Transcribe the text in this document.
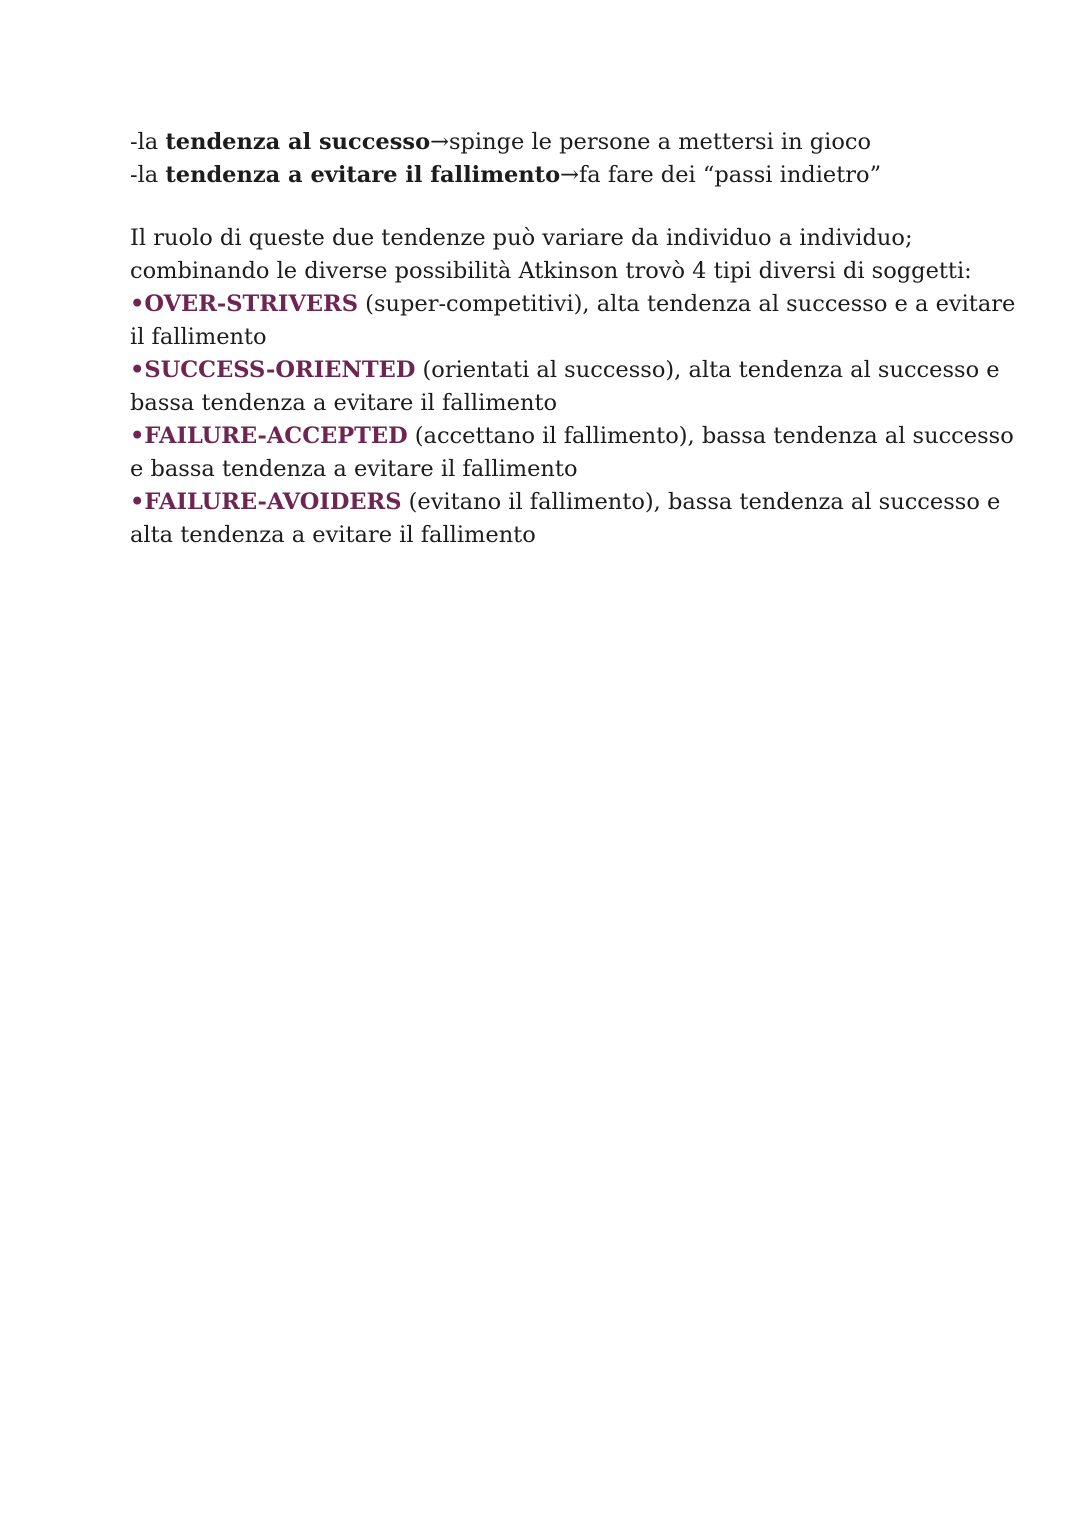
-la tendenza al successo→spinge le persone a mettersi in gioco
-la tendenza a evitare il fallimento→fa fare dei “passi indietro”
Il ruolo di queste due tendenze può variare da individuo a individuo;
combinando le diverse possibilità Atkinson trovò 4 tipi diversi di soggetti:
•OVER-STRIVERS (super-competitivi), alta tendenza al successo e a evitare
il fallimento
•SUCCESS-ORIENTED (orientati al successo), alta tendenza al successo e
bassa tendenza a evitare il fallimento
•FAILURE-ACCEPTED (accettano il fallimento), bassa tendenza al successo
e bassa tendenza a evitare il fallimento
•FAILURE-AVOIDERS (evitano il fallimento), bassa tendenza al successo e
alta tendenza a evitare il fallimento
